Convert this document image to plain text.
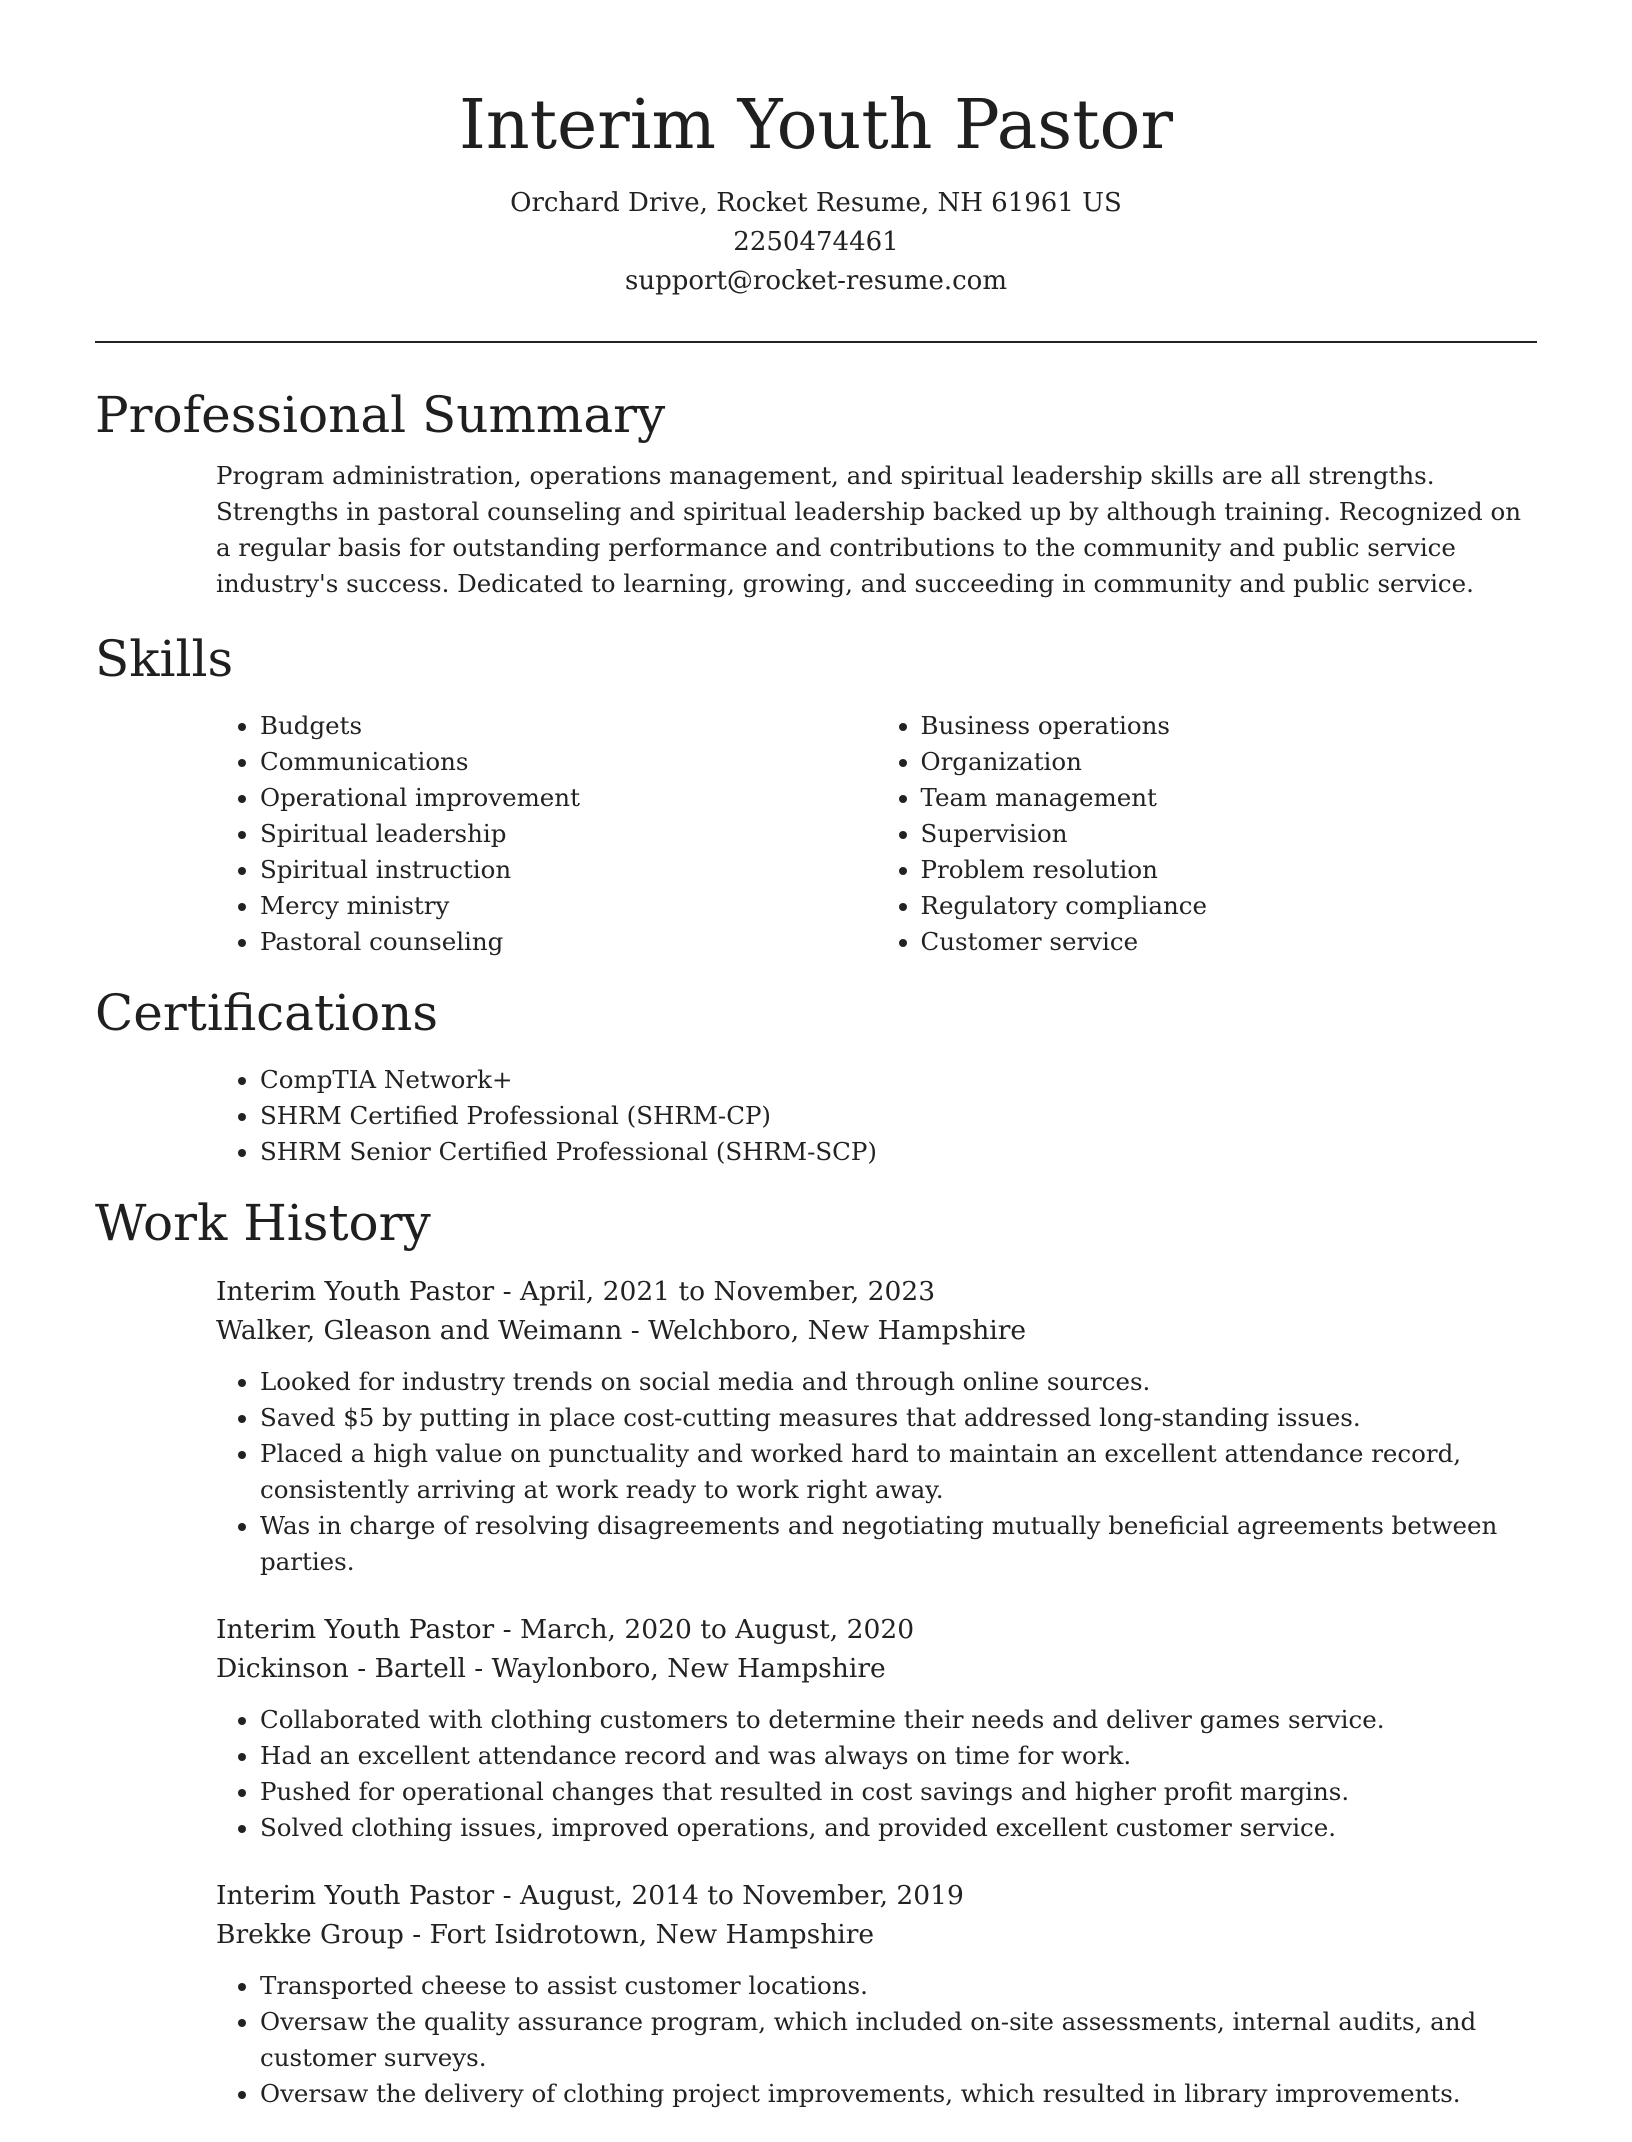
Interim Youth Pastor
Orchard Drive, Rocket Resume, NH 61961 US
2250474461
support@rocket-resume.com
Professional Summary

Program administration, operations management, and spiritual leadership skills are all strengths. Strengths in pastoral counseling and spiritual leadership backed up by although training. Recognized on a regular basis for outstanding performance and contributions to the community and public service industry's success. Dedicated to learning, growing, and succeeding in community and public service.

Skills
• Budgets
• Communications
• Operational improvement
• Spiritual leadership
• Spiritual instruction
• Mercy ministry
• Pastoral counseling
• Business operations
• Organization
• Team management
• Supervision
• Problem resolution
• Regulatory compliance
• Customer service
Certifications
• CompTIA Network+
• SHRM Certified Professional (SHRM-CP)
• SHRM Senior Certified Professional (SHRM-SCP)
Work History
Interim Youth Pastor - April, 2021 to November, 2023
Walker, Gleason and Weimann - Welchboro, New Hampshire
• Looked for industry trends on social media and through online sources.
• Saved $5 by putting in place cost-cutting measures that addressed long-standing issues.
• Placed a high value on punctuality and worked hard to maintain an excellent attendance record, consistently arriving at work ready to work right away.
• Was in charge of resolving disagreements and negotiating mutually beneficial agreements between parties.
Interim Youth Pastor - March, 2020 to August, 2020
Dickinson - Bartell - Waylonboro, New Hampshire
• Collaborated with clothing customers to determine their needs and deliver games service.
• Had an excellent attendance record and was always on time for work.
• Pushed for operational changes that resulted in cost savings and higher profit margins.
• Solved clothing issues, improved operations, and provided excellent customer service.
Interim Youth Pastor - August, 2014 to November, 2019
Brekke Group - Fort Isidrotown, New Hampshire
• Transported cheese to assist customer locations.
• Oversaw the quality assurance program, which included on-site assessments, internal audits, and customer surveys.
• Oversaw the delivery of clothing project improvements, which resulted in library improvements.
